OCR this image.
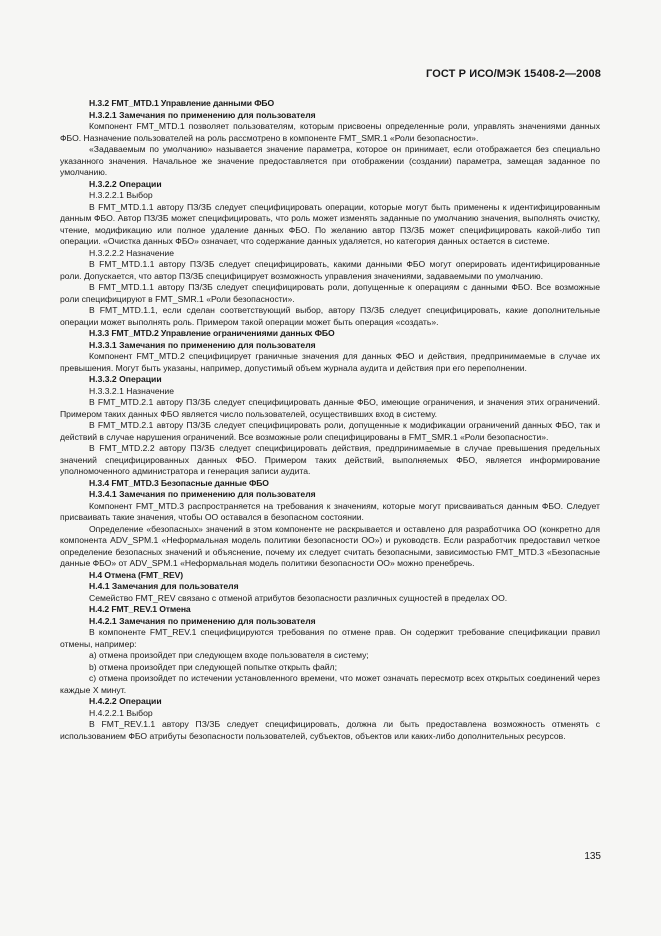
ГОСТ Р ИСО/МЭК 15408-2—2008

H.3.2 FMT_MTD.1 Управление данными ФБО

H.3.2.1 Замечания по применению для пользователя

Компонент FMT_MTD.1 позволяет пользователям, которым присвоены определенные роли, управлять значениями данных ФБО. Назначение пользователей на роль рассмотрено в компоненте FMT_SMR.1 «Роли безопасности».

«Задаваемым по умолчанию» называется значение параметра, которое он принимает, если отображается без специально указанного значения. Начальное же значение предоставляется при отображении (создании) параметра, замещая заданное по умолчанию.

H.3.2.2 Операции

H.3.2.2.1 Выбор

В FMT_MTD.1.1 автору ПЗ/ЗБ следует специфицировать операции, которые могут быть применены к идентифицированным данным ФБО. Автор ПЗ/ЗБ может специфицировать, что роль может изменять заданные по умолчанию значения, выполнять очистку, чтение, модификацию или полное удаление данных ФБО. По желанию автор ПЗ/ЗБ может специфицировать какой-либо тип операции. «Очистка данных ФБО» означает, что содержание данных удаляется, но категория данных остается в системе.

H.3.2.2.2 Назначение

В FMT_MTD.1.1 автору ПЗ/ЗБ следует специфицировать, какими данными ФБО могут оперировать идентифицированные роли. Допускается, что автор ПЗ/ЗБ специфицирует возможность управления значениями, задаваемыми по умолчанию.

В FMT_MTD.1.1 автору ПЗ/ЗБ следует специфицировать роли, допущенные к операциям с данными ФБО. Все возможные роли специфицируют в FMT_SMR.1 «Роли безопасности».

В FMT_MTD.1.1, если сделан соответствующий выбор, автору ПЗ/ЗБ следует специфицировать, какие дополнительные операции может выполнять роль. Примером такой операции может быть операция «создать».

H.3.3 FMT_MTD.2 Управление ограничениями данных ФБО

H.3.3.1 Замечания по применению для пользователя

Компонент FMT_MTD.2 специфицирует граничные значения для данных ФБО и действия, предпринимаемые в случае их превышения. Могут быть указаны, например, допустимый объем журнала аудита и действия при его переполнении.

H.3.3.2 Операции

H.3.3.2.1 Назначение

В FMT_MTD.2.1 автору ПЗ/ЗБ следует специфицировать данные ФБО, имеющие ограничения, и значения этих ограничений. Примером таких данных ФБО является число пользователей, осуществивших вход в систему.

В FMT_MTD.2.1 автору ПЗ/ЗБ следует специфицировать роли, допущенные к модификации ограничений данных ФБО, так и действий в случае нарушения ограничений. Все возможные роли специфицированы в FMT_SMR.1 «Роли безопасности».

В FMT_MTD.2.2 автору ПЗ/ЗБ следует специфицировать действия, предпринимаемые в случае превышения предельных значений специфицированных данных ФБО. Примером таких действий, выполняемых ФБО, является информирование уполномоченного администратора и генерация записи аудита.

H.3.4 FMT_MTD.3 Безопасные данные ФБО

H.3.4.1 Замечания по применению для пользователя

Компонент FMT_MTD.3 распространяется на требования к значениям, которые могут присваиваться данным ФБО. Следует присваивать такие значения, чтобы ОО оставался в безопасном состоянии.

Определение «безопасных» значений в этом компоненте не раскрывается и оставлено для разработчика ОО (конкретно для компонента ADV_SPM.1 «Неформальная модель политики безопасности ОО») и руководств. Если разработчик предоставил четкое определение безопасных значений и объяснение, почему их следует считать безопасными, зависимостью FMT_MTD.3 «Безопасные данные ФБО» от ADV_SPM.1 «Неформальная модель политики безопасности ОО» можно пренебречь.

H.4 Отмена (FMT_REV)

H.4.1 Замечания для пользователя

Семейство FMT_REV связано с отменой атрибутов безопасности различных сущностей в пределах ОО.

H.4.2 FMT_REV.1 Отмена

H.4.2.1 Замечания по применению для пользователя

В компоненте FMT_REV.1 специфицируются требования по отмене прав. Он содержит требование спецификации правил отмены, например:

a) отмена произойдет при следующем входе пользователя в систему;

b) отмена произойдет при следующей попытке открыть файл;

c) отмена произойдет по истечении установленного времени, что может означать пересмотр всех открытых соединений через каждые X минут.

H.4.2.2 Операции

H.4.2.2.1 Выбор

В FMT_REV.1.1 автору ПЗ/ЗБ следует специфицировать, должна ли быть предоставлена возможность отменять с использованием ФБО атрибуты безопасности пользователей, субъектов, объектов или каких-либо дополнительных ресурсов.

135
